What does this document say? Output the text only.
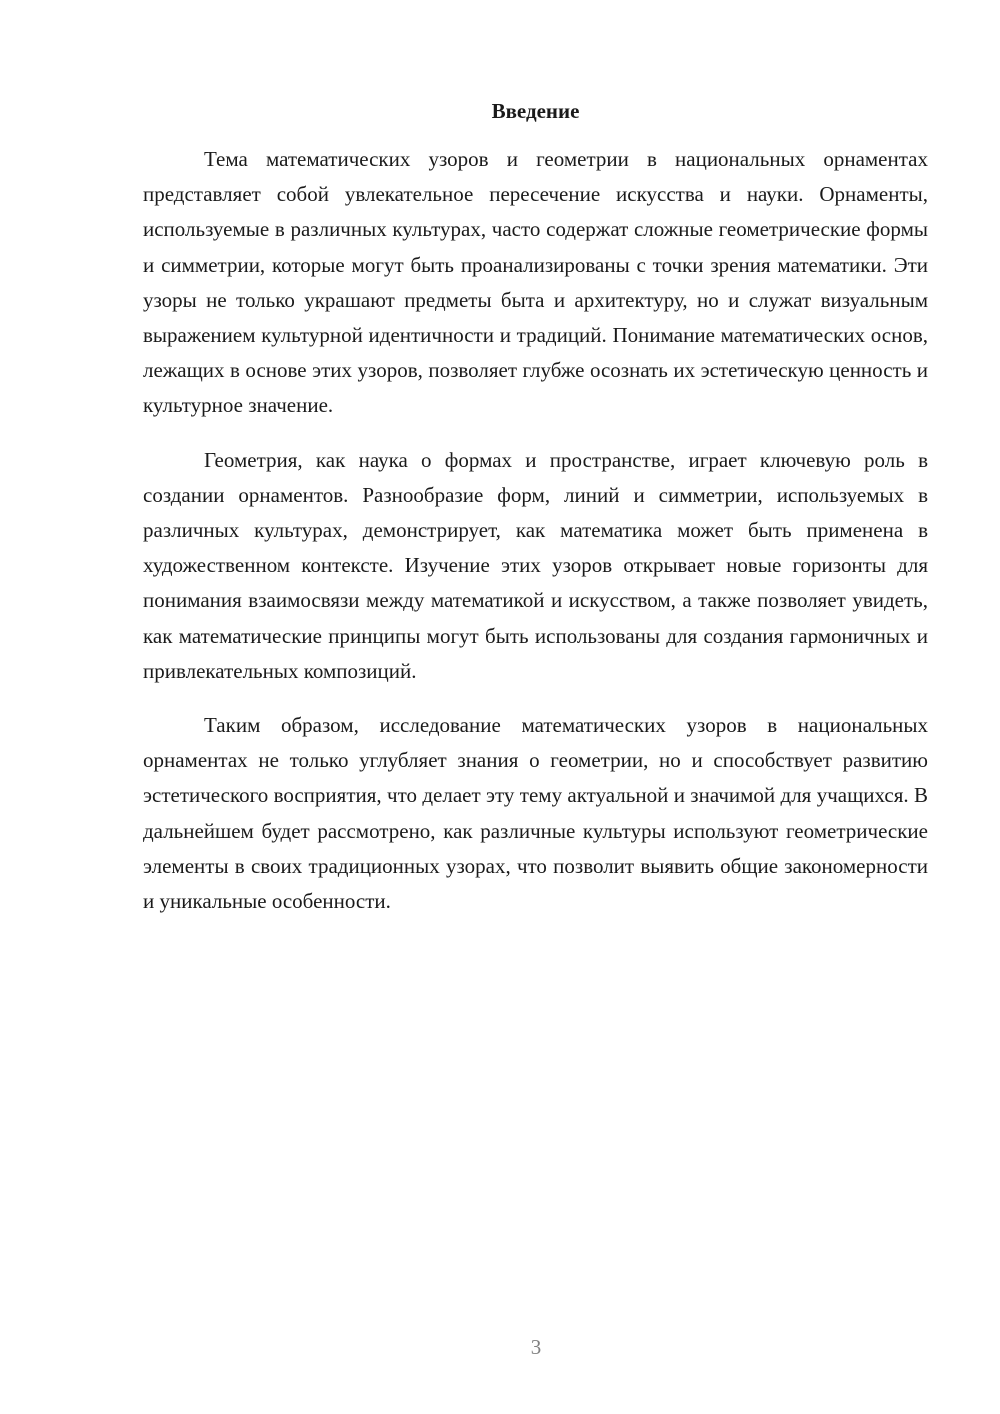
Введение

Тема математических узоров и геометрии в национальных орнаментах представляет собой увлекательное пересечение искусства и науки. Орнаменты, используемые в различных культурах, часто содержат сложные геометрические формы и симметрии, которые могут быть проанализированы с точки зрения математики. Эти узоры не только украшают предметы быта и архитектуру, но и служат визуальным выражением культурной идентичности и традиций. Понимание математических основ, лежащих в основе этих узоров, позволяет глубже осознать их эстетическую ценность и культурное значение.

Геометрия, как наука о формах и пространстве, играет ключевую роль в создании орнаментов. Разнообразие форм, линий и симметрии, используемых в различных культурах, демонстрирует, как математика может быть применена в художественном контексте. Изучение этих узоров открывает новые горизонты для понимания взаимосвязи между математикой и искусством, а также позволяет увидеть, как математические принципы могут быть использованы для создания гармоничных и привлекательных композиций.

Таким образом, исследование математических узоров в национальных орнаментах не только углубляет знания о геометрии, но и способствует развитию эстетического восприятия, что делает эту тему актуальной и значимой для учащихся. В дальнейшем будет рассмотрено, как различные культуры используют геометрические элементы в своих традиционных узорах, что позволит выявить общие закономерности и уникальные особенности.

3
